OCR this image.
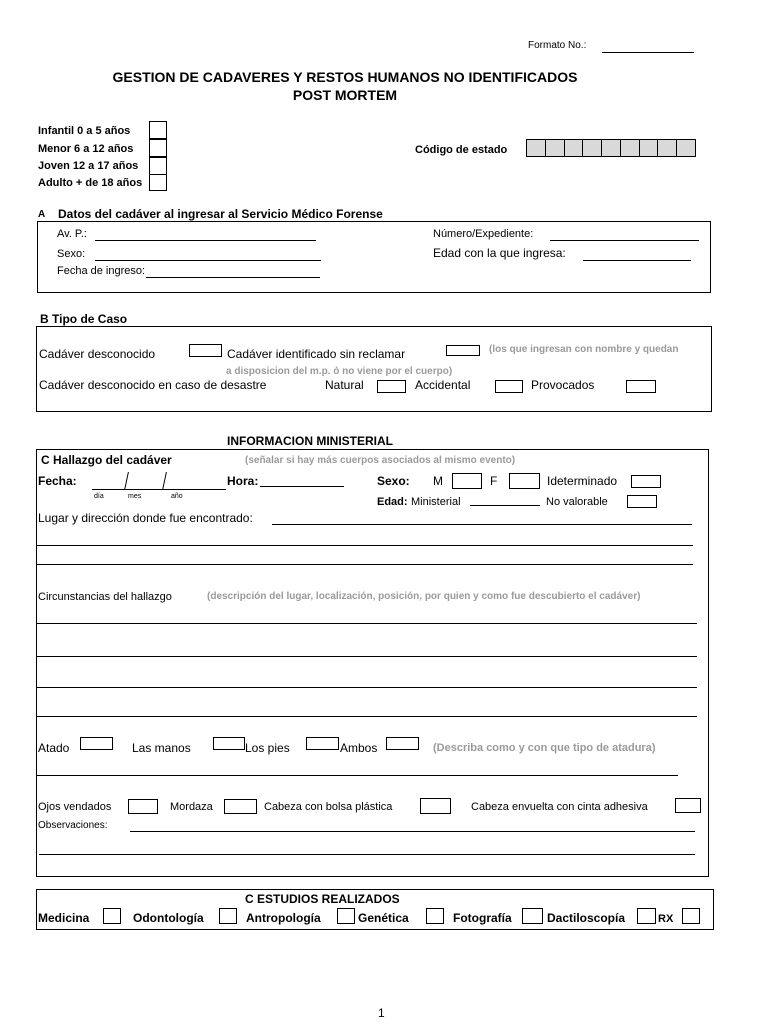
Formato No.:
GESTION DE CADAVERES Y RESTOS HUMANOS NO IDENTIFICADOS
POST MORTEM
Infantil 0 a 5 años
Menor 6 a 12 años
Joven 12 a 17 años
Adulto + de 18 años
Código de estado
A Datos del cadáver al ingresar al Servicio Médico Forense
Av. P.:
Sexo:
Fecha de ingreso:
Número/Expediente:
Edad con la que ingresa:
B Tipo de Caso
Cadáver desconocido	Cadáver identificado sin reclamar	(los que ingresan con nombre y quedan
a disposicion del m.p. ó no viene por el cuerpo)
Cadáver desconocido en caso de desastre	Natural	Accidental	Provocados
INFORMACION MINISTERIAL
C Hallazgo del cadáver	(señalar si hay más cuerpos asociados al mismo evento)
Fecha:
día	mes	año
Hora:	Sexo: M	F	Ideterminado
Edad: Ministerial	No valorable
Lugar y dirección donde fue encontrado:
Circunstancias del hallazgo	(descripción del lugar, localización, posición, por quien y como fue descubierto el cadáver)
Atado	Las manos	Los pies	Ambos	(Describa como y con que tipo de atadura)
Ojos vendados	Mordaza	Cabeza con bolsa plástica	Cabeza envuelta con cinta adhesiva
Observaciones:
C ESTUDIOS REALIZADOS
Medicina	Odontología	Antropología	Genética	Fotografía	Dactiloscopía	RX
1
